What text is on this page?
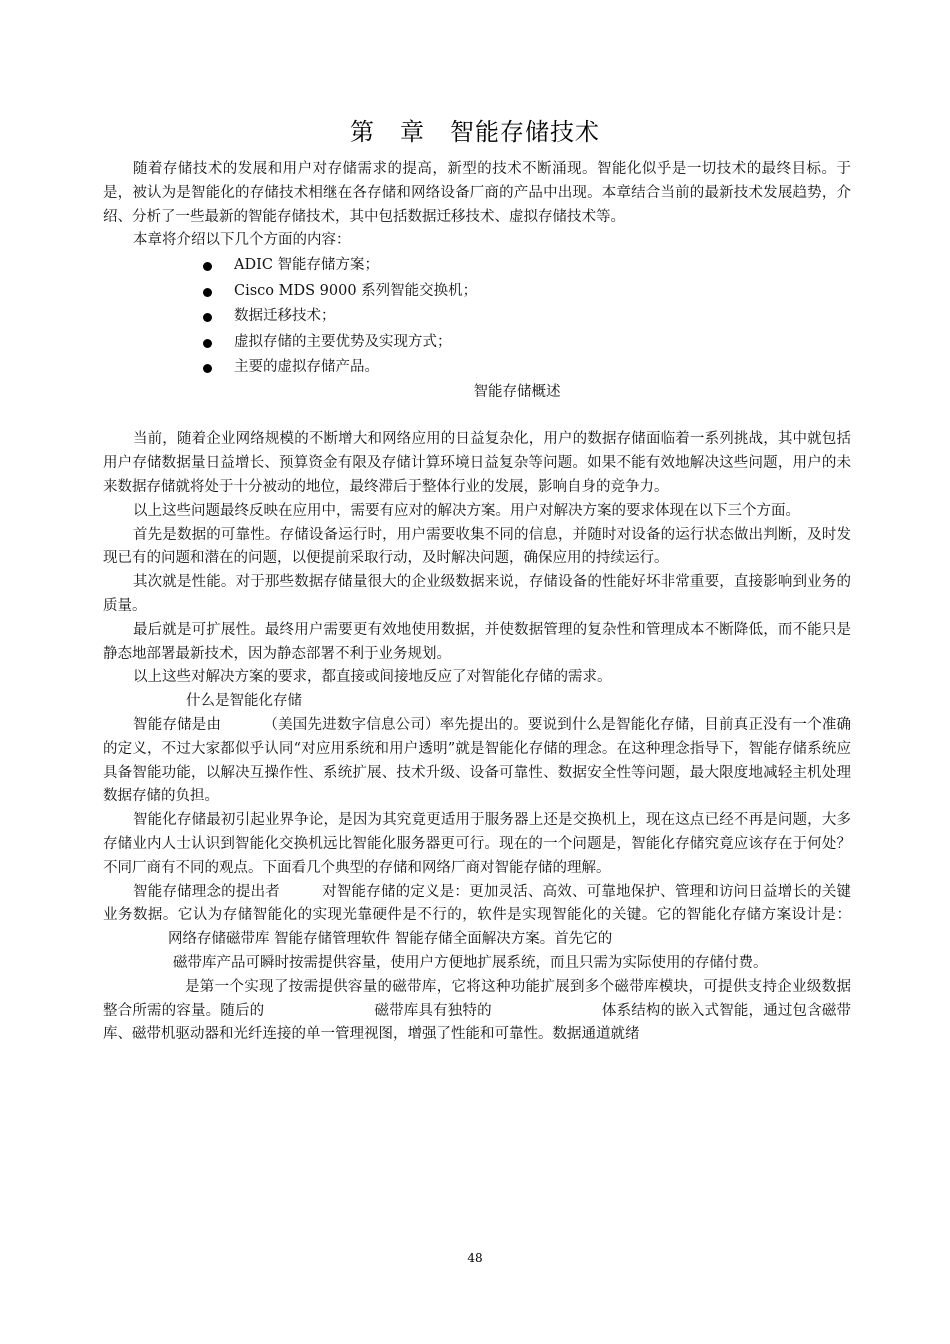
第　章　智能存储技术

随着存储技术的发展和用户对存储需求的提高，新型的技术不断涌现。智能化似乎是一切技术的最终目标。于是，被认为是智能化的存储技术相继在各存储和网络设备厂商的产品中出现。本章结合当前的最新技术发展趋势，介绍、分析了一些最新的智能存储技术，其中包括数据迁移技术、虚拟存储技术等。

本章将介绍以下几个方面的内容：

ADIC 智能存储方案；
Cisco MDS 9000 系列智能交换机；
数据迁移技术；
虚拟存储的主要优势及实现方式；
主要的虚拟存储产品。

智能存储概述

当前，随着企业网络规模的不断增大和网络应用的日益复杂化，用户的数据存储面临着一系列挑战，其中就包括用户存储数据量日益增长、预算资金有限及存储计算环境日益复杂等问题。如果不能有效地解决这些问题，用户的未来数据存储就将处于十分被动的地位，最终滞后于整体行业的发展，影响自身的竞争力。

以上这些问题最终反映在应用中，需要有应对的解决方案。用户对解决方案的要求体现在以下三个方面。

首先是数据的可靠性。存储设备运行时，用户需要收集不同的信息，并随时对设备的运行状态做出判断，及时发现已有的问题和潜在的问题，以便提前采取行动，及时解决问题，确保应用的持续运行。

其次就是性能。对于那些数据存储量很大的企业级数据来说，存储设备的性能好坏非常重要，直接影响到业务的质量。

最后就是可扩展性。最终用户需要更有效地使用数据，并使数据管理的复杂性和管理成本不断降低，而不能只是静态地部署最新技术，因为静态部署不利于业务规划。

以上这些对解决方案的要求，都直接或间接地反应了对智能化存储的需求。

什么是智能化存储

智能存储是由	（美国先进数字信息公司）率先提出的。要说到什么是智能化存储，目前真正没有一个准确的定义，不过大家都似乎认同“对应用系统和用户透明”就是智能化存储的理念。在这种理念指导下，智能存储系统应具备智能功能，以解决互操作性、系统扩展、技术升级、设备可靠性、数据安全性等问题，最大限度地减轻主机处理数据存储的负担。

智能化存储最初引起业界争论，是因为其究竟更适用于服务器上还是交换机上，现在这点已经不再是问题，大多存储业内人士认识到智能化交换机远比智能化服务器更可行。现在的一个问题是，智能化存储究竟应该存在于何处？不同厂商有不同的观点。下面看几个典型的存储和网络厂商对智能存储的理解。

智能存储理念的提出者	对智能存储的定义是：更加灵活、高效、可靠地保护、管理和访问日益增长的关键业务数据。它认为存储智能化的实现光靠硬件是不行的，软件是实现智能化的关键。它的智能化存储方案设计是：网络存储磁带库 智能存储管理软件 智能存储全面解决方案。首先它的

磁带库产品可瞬时按需提供容量，使用户方便地扩展系统，而且只需为实际使用的存储付费。

是第一个实现了按需提供容量的磁带库，它将这种功能扩展到多个磁带库模块，可提供支持企业级数据整合所需的容量。随后的	磁带库具有独特的	体系结构的嵌入式智能，通过包含磁带库、磁带机驱动器和光纤连接的单一管理视图，增强了性能和可靠性。数据通道就绪

48
